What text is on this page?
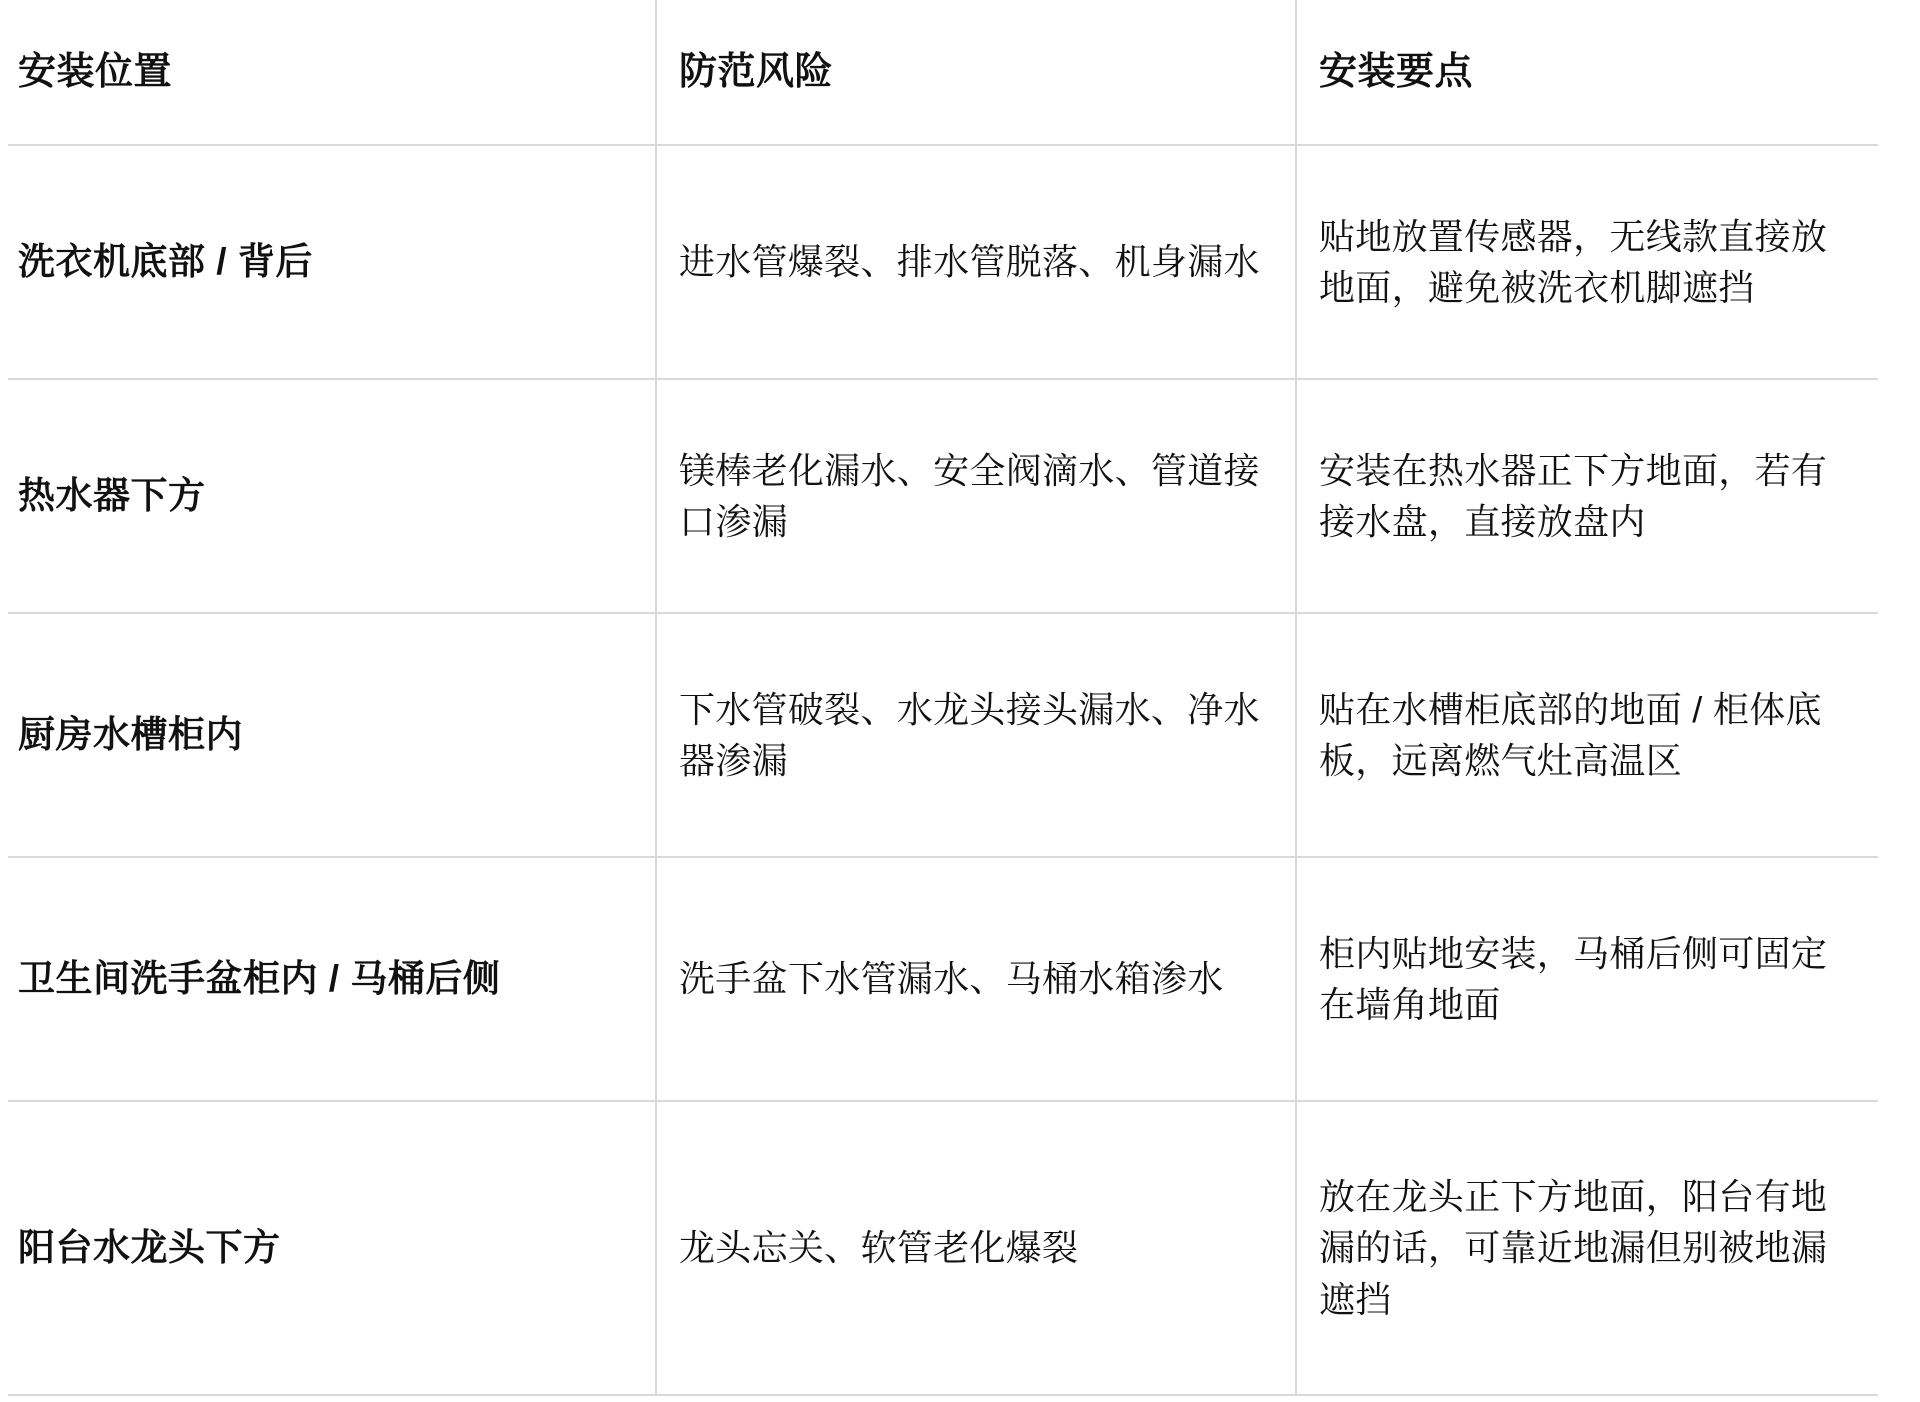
安装位置	防范风险	安装要点
洗衣机底部 / 背后	进水管爆裂、排水管脱落、机身漏水	贴地放置传感器，无线款直接放地面，避免被洗衣机脚遮挡
热水器下方	镁棒老化漏水、安全阀滴水、管道接口渗漏	安装在热水器正下方地面，若有接水盘，直接放盘内
厨房水槽柜内	下水管破裂、水龙头接头漏水、净水器渗漏	贴在水槽柜底部的地面 / 柜体底板，远离燃气灶高温区
卫生间洗手盆柜内 / 马桶后侧	洗手盆下水管漏水、马桶水箱渗水	柜内贴地安装，马桶后侧可固定在墙角地面
阳台水龙头下方	龙头忘关、软管老化爆裂	放在龙头正下方地面，阳台有地漏的话，可靠近地漏但别被地漏遮挡
